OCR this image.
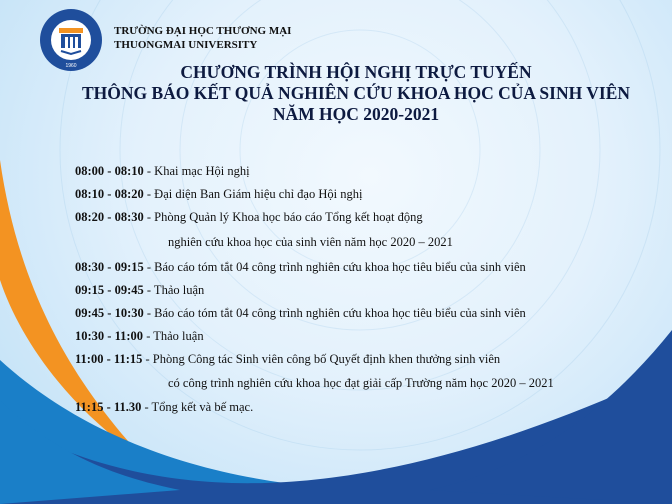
1960
TRƯỜNG ĐẠI HỌC THƯƠNG MẠI
THUONGMAI UNIVERSITY
CHƯƠNG TRÌNH HỘI NGHỊ TRỰC TUYẾN
THÔNG BÁO KẾT QUẢ NGHIÊN CỨU KHOA HỌC CỦA SINH VIÊN
NĂM HỌC 2020-2021
08:00 - 08:10 - Khai mạc Hội nghị
08:10 - 08:20 - Đại diện Ban Giám hiệu chỉ đạo Hội nghị
08:20 - 08:30 - Phòng Quản lý Khoa học báo cáo Tổng kết hoạt động
nghiên cứu khoa học của sinh viên năm học 2020 – 2021
08:30 - 09:15 - Báo cáo tóm tắt 04 công trình nghiên cứu khoa học tiêu biểu của sinh viên
09:15 - 09:45 - Thảo luận
09:45 - 10:30 - Báo cáo tóm tắt 04 công trình nghiên cứu khoa học tiêu biểu của sinh viên
10:30 - 11:00 - Thảo luận
11:00 - 11:15 - Phòng Công tác Sinh viên công bố Quyết định khen thưởng sinh viên
có công trình nghiên cứu khoa học đạt giải cấp Trường năm học 2020 – 2021
11:15 - 11.30 - Tổng kết và bế mạc.
